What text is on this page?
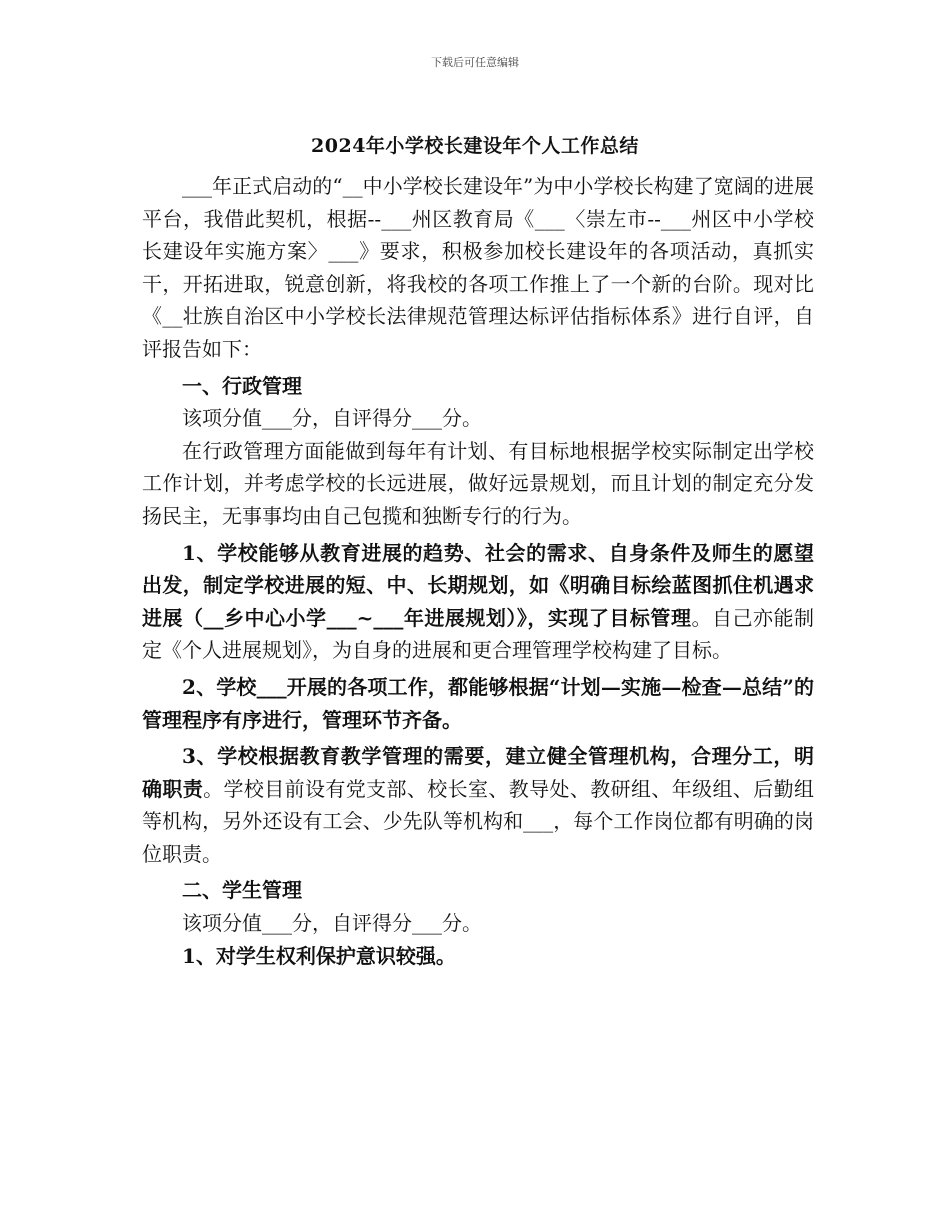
下载后可任意编辑
2024年小学校长建设年个人工作总结

___年正式启动的“__中小学校长建设年”为中小学校长构建了宽阔的进展平台，我借此契机，根据--___州区教育局《___〈崇左市--___州区中小学校长建设年实施方案〉___》要求，积极参加校长建设年的各项活动，真抓实干，开拓进取，锐意创新，将我校的各项工作推上了一个新的台阶。现对比《__壮族自治区中小学校长法律规范管理达标评估指标体系》进行自评，自评报告如下：

一、行政管理

该项分值___分，自评得分___分。

在行政管理方面能做到每年有计划、有目标地根据学校实际制定出学校工作计划，并考虑学校的长远进展，做好远景规划，而且计划的制定充分发扬民主，无事事均由自己包揽和独断专行的行为。

1、学校能够从教育进展的趋势、社会的需求、自身条件及师生的愿望出发，制定学校进展的短、中、长期规划，如《明确目标绘蓝图抓住机遇求进展（__乡中心小学___~___年进展规划）》，实现了目标管理。自己亦能制定《个人进展规划》，为自身的进展和更合理管理学校构建了目标。

2、学校___开展的各项工作，都能够根据“计划—实施—检查—总结”的管理程序有序进行，管理环节齐备。

3、学校根据教育教学管理的需要，建立健全管理机构，合理分工，明确职责。学校目前设有党支部、校长室、教导处、教研组、年级组、后勤组等机构，另外还设有工会、少先队等机构和___，每个工作岗位都有明确的岗位职责。

二、学生管理

该项分值___分，自评得分___分。

1、对学生权利保护意识较强。
